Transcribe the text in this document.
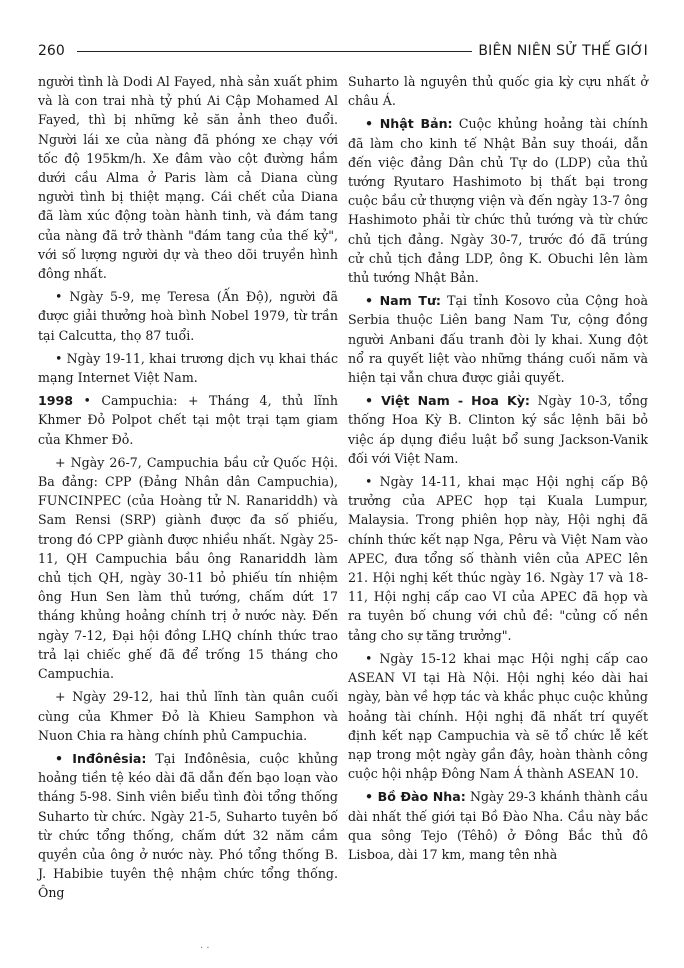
260	BIÊN NIÊN SỬ THẾ GIỚI

người tình là Dodi Al Fayed, nhà sản xuất phim và là con trai nhà tỷ phú Ai Cập Mohamed Al Fayed, thì bị những kẻ săn ảnh theo đuổi. Người lái xe của nàng đã phóng xe chạy với tốc độ 195km/h. Xe đâm vào cột đường hầm dưới cầu Alma ở Paris làm cả Diana cùng người tình bị thiệt mạng. Cái chết của Diana đã làm xúc động toàn hành tinh, và đám tang của nàng đã trở thành "đám tang của thế kỷ", với số lượng người dự và theo dõi truyền hình đông nhất.

• Ngày 5-9, mẹ Teresa (Ấn Độ), người đã được giải thưởng hoà bình Nobel 1979, từ trần tại Calcutta, thọ 87 tuổi.

• Ngày 19-11, khai trương dịch vụ khai thác mạng Internet Việt Nam.

1998 • Campuchia: + Tháng 4, thủ lĩnh Khmer Đỏ Polpot chết tại một trại tạm giam của Khmer Đỏ.

+ Ngày 26-7, Campuchia bầu cử Quốc Hội. Ba đảng: CPP (Đảng Nhân dân Campuchia), FUNCINPEC (của Hoàng tử N. Ranariddh) và Sam Rensi (SRP) giành được đa số phiếu, trong đó CPP giành được nhiều nhất. Ngày 25-11, QH Campuchia bầu ông Ranariddh làm chủ tịch QH, ngày 30-11 bỏ phiếu tín nhiệm ông Hun Sen làm thủ tướng, chấm dứt 17 tháng khủng hoảng chính trị ở nước này. Đến ngày 7-12, Đại hội đồng LHQ chính thức trao trả lại chiếc ghế đã để trống 15 tháng cho Campuchia.

+ Ngày 29-12, hai thủ lĩnh tàn quân cuối cùng của Khmer Đỏ là Khieu Samphon và Nuon Chia ra hàng chính phủ Campuchia.

• Inđônêsia: Tại Inđônêsia, cuộc khủng hoảng tiền tệ kéo dài đã dẫn đến bạo loạn vào tháng 5-98. Sinh viên biểu tình đòi tổng thống Suharto từ chức. Ngày 21-5, Suharto tuyên bố từ chức tổng thống, chấm dứt 32 năm cầm quyền của ông ở nước này. Phó tổng thống B. J. Habibie tuyên thệ nhậm chức tổng thống. Ông

Suharto là nguyên thủ quốc gia kỳ cựu nhất ở châu Á.

• Nhật Bản: Cuộc khủng hoảng tài chính đã làm cho kinh tế Nhật Bản suy thoái, dẫn đến việc đảng Dân chủ Tự do (LDP) của thủ tướng Ryutaro Hashimoto bị thất bại trong cuộc bầu cử thượng viện và đến ngày 13-7 ông Hashimoto phải từ chức thủ tướng và từ chức chủ tịch đảng. Ngày 30-7, trước đó đã trúng cử chủ tịch đảng LDP, ông K. Obuchi lên làm thủ tướng Nhật Bản.

• Nam Tư: Tại tỉnh Kosovo của Cộng hoà Serbia thuộc Liên bang Nam Tư, cộng đồng người Anbani đấu tranh đòi ly khai. Xung đột nổ ra quyết liệt vào những tháng cuối năm và hiện tại vẫn chưa được giải quyết.

• Việt Nam - Hoa Kỳ: Ngày 10-3, tổng thống Hoa Kỳ B. Clinton ký sắc lệnh bãi bỏ việc áp dụng điều luật bổ sung Jackson-Vanik đối với Việt Nam.

• Ngày 14-11, khai mạc Hội nghị cấp Bộ trưởng của APEC họp tại Kuala Lumpur, Malaysia. Trong phiên họp này, Hội nghị đã chính thức kết nạp Nga, Pêru và Việt Nam vào APEC, đưa tổng số thành viên của APEC lên 21. Hội nghị kết thúc ngày 16. Ngày 17 và 18-11, Hội nghị cấp cao VI của APEC đã họp và ra tuyên bố chung với chủ đề: "củng cố nền tảng cho sự tăng trưởng".

• Ngày 15-12 khai mạc Hội nghị cấp cao ASEAN VI tại Hà Nội. Hội nghị kéo dài hai ngày, bàn về hợp tác và khắc phục cuộc khủng hoảng tài chính. Hội nghị đã nhất trí quyết định kết nạp Campuchia và sẽ tổ chức lễ kết nạp trong một ngày gần đây, hoàn thành công cuộc hội nhập Đông Nam Á thành ASEAN 10.

• Bồ Đào Nha: Ngày 29-3 khánh thành cầu dài nhất thế giới tại Bồ Đào Nha. Cầu này bắc qua sông Tejo (Têhô) ở Đông Bắc thủ đô Lisboa, dài 17 km, mang tên nhà

. .
